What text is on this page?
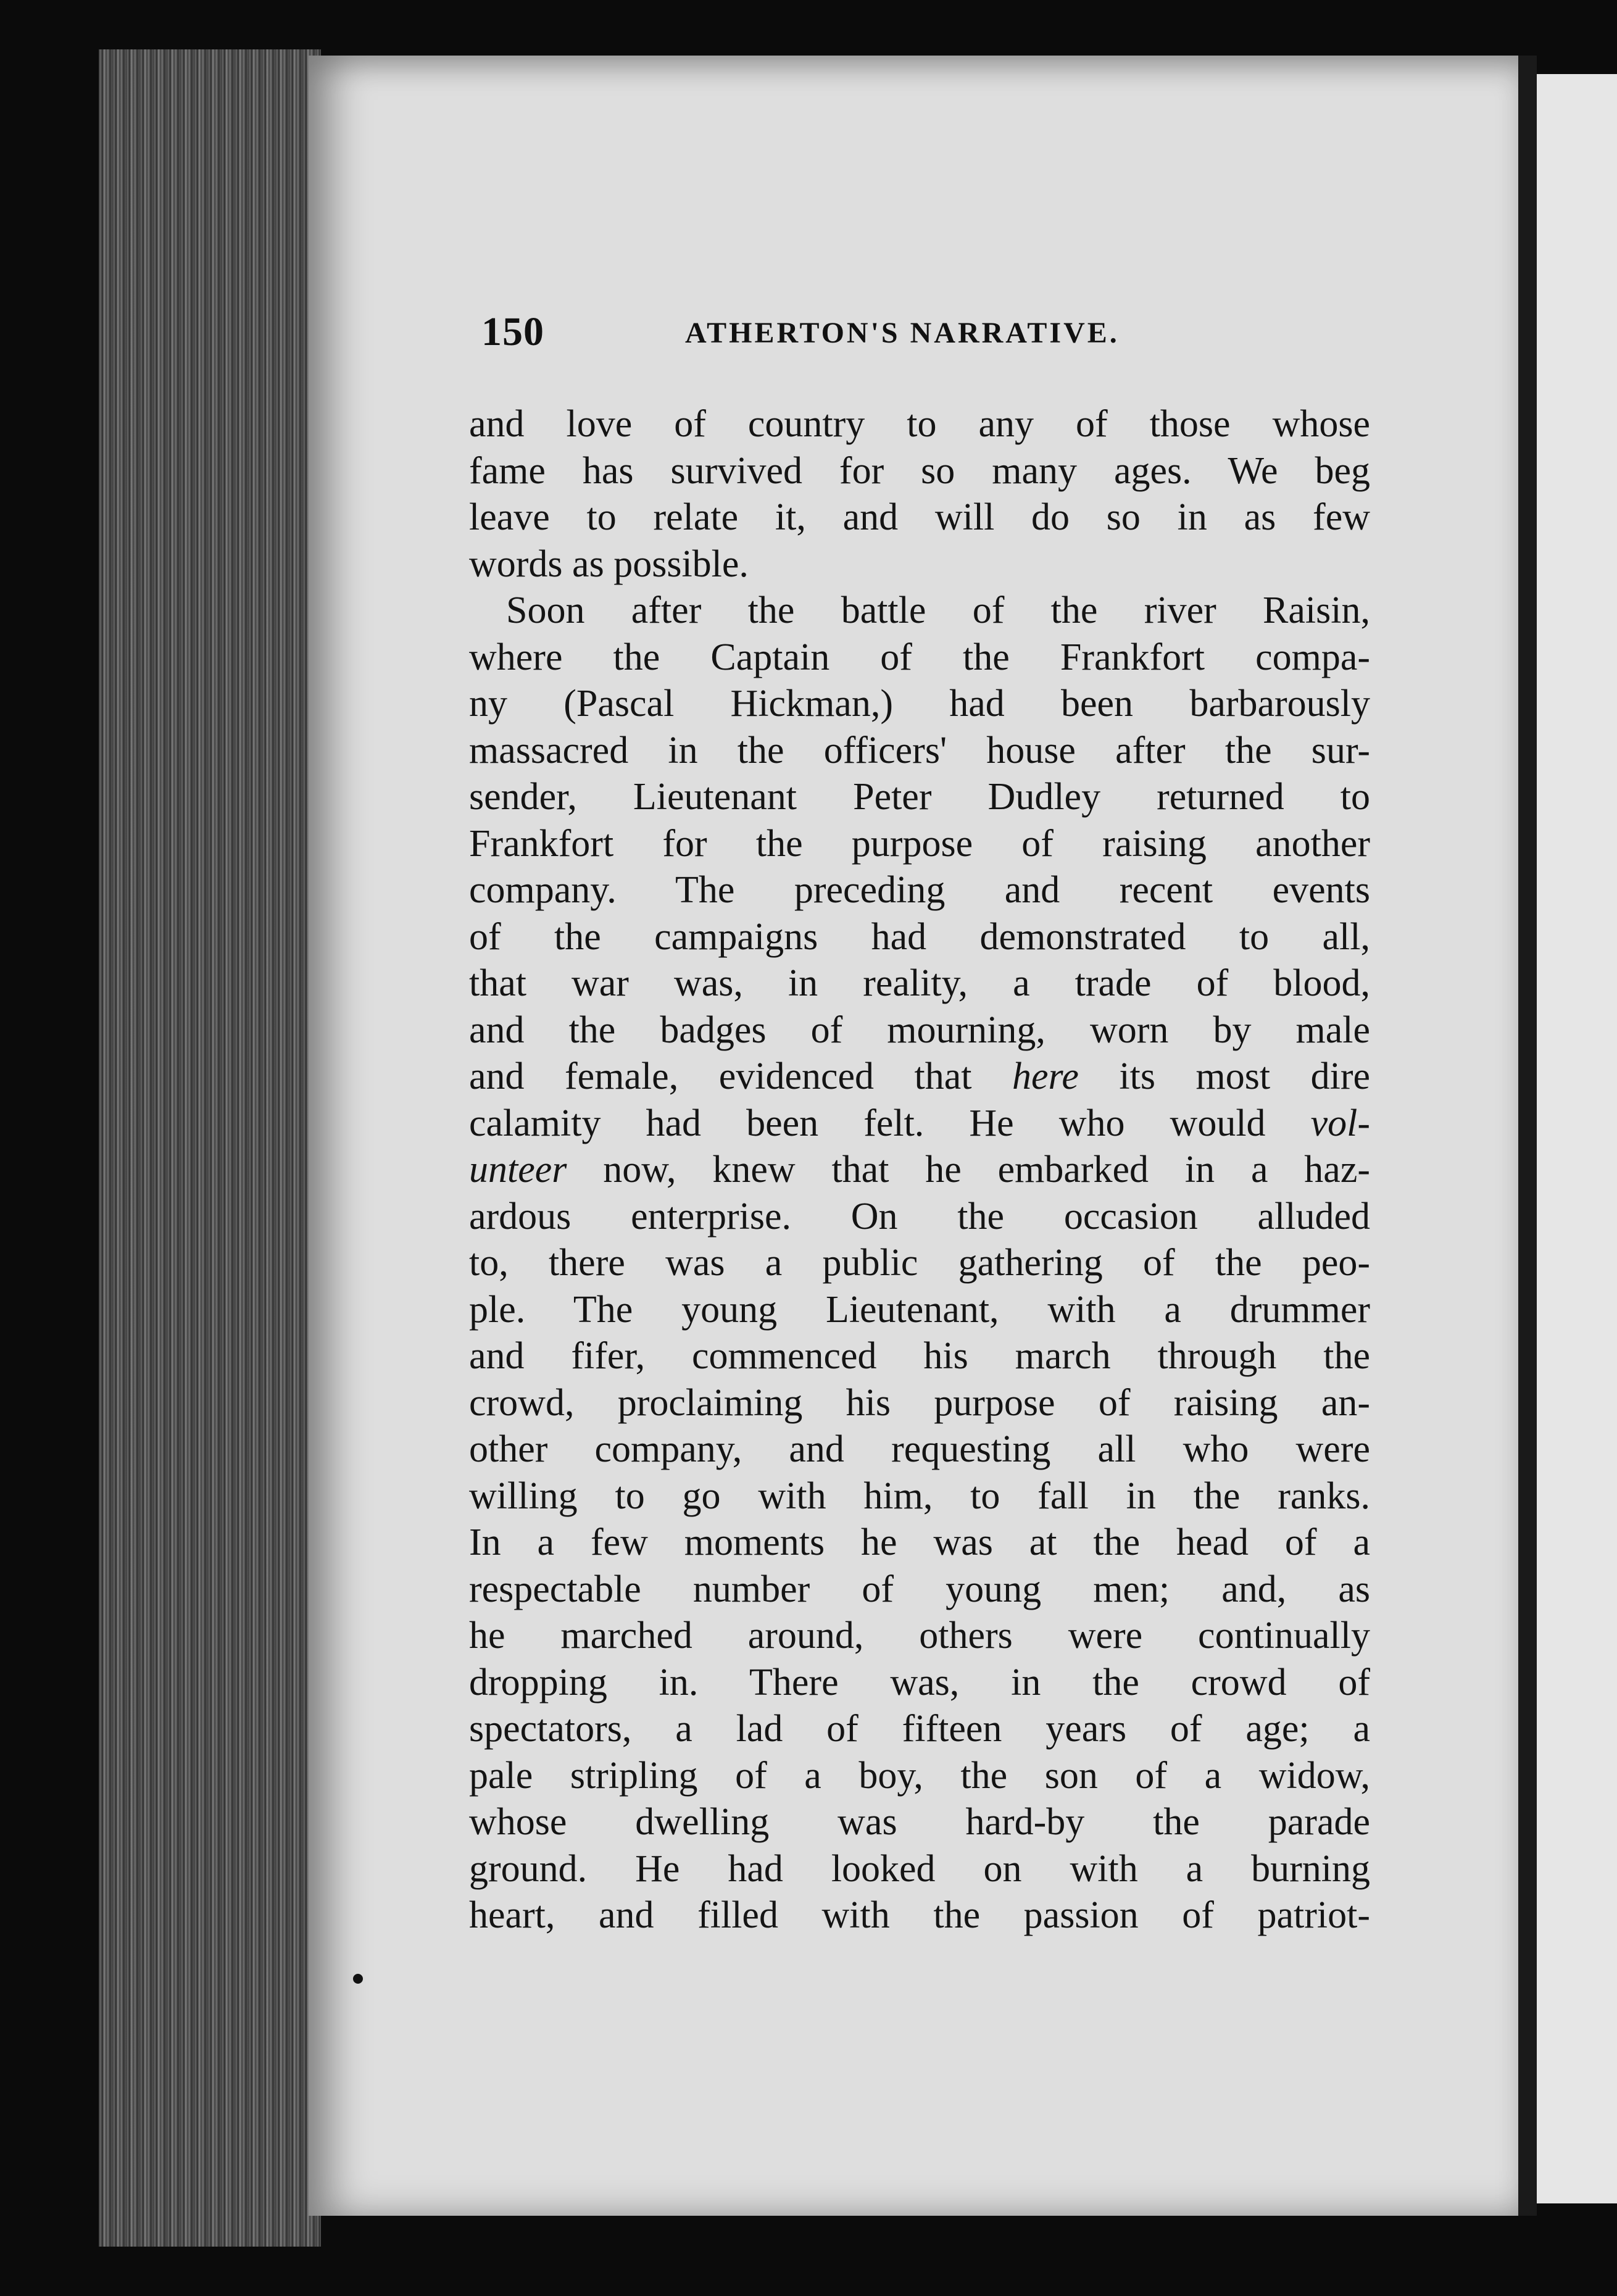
150	ATHERTON'S NARRATIVE.
and love of country to any of those whose
fame has survived for so many ages. We beg
leave to relate it, and will do so in as few
words as possible.
Soon after the battle of the river Raisin,
where the Captain of the Frankfort compa-
ny (Pascal Hickman,) had been barbarously
massacred in the officers' house after the sur-
sender, Lieutenant Peter Dudley returned to
Frankfort for the purpose of raising another
company. The preceding and recent events
of the campaigns had demonstrated to all,
that war was, in reality, a trade of blood,
and the badges of mourning, worn by male
and female, evidenced that here its most dire
calamity had been felt. He who would vol-
unteer now, knew that he embarked in a haz-
ardous enterprise. On the occasion alluded
to, there was a public gathering of the peo-
ple. The young Lieutenant, with a drummer
and fifer, commenced his march through the
crowd, proclaiming his purpose of raising an-
other company, and requesting all who were
willing to go with him, to fall in the ranks.
In a few moments he was at the head of a
respectable number of young men; and, as
he marched around, others were continually
dropping in. There was, in the crowd of
spectators, a lad of fifteen years of age; a
pale stripling of a boy, the son of a widow,
whose dwelling was hard-by the parade
ground. He had looked on with a burning
heart, and filled with the passion of patriot-
